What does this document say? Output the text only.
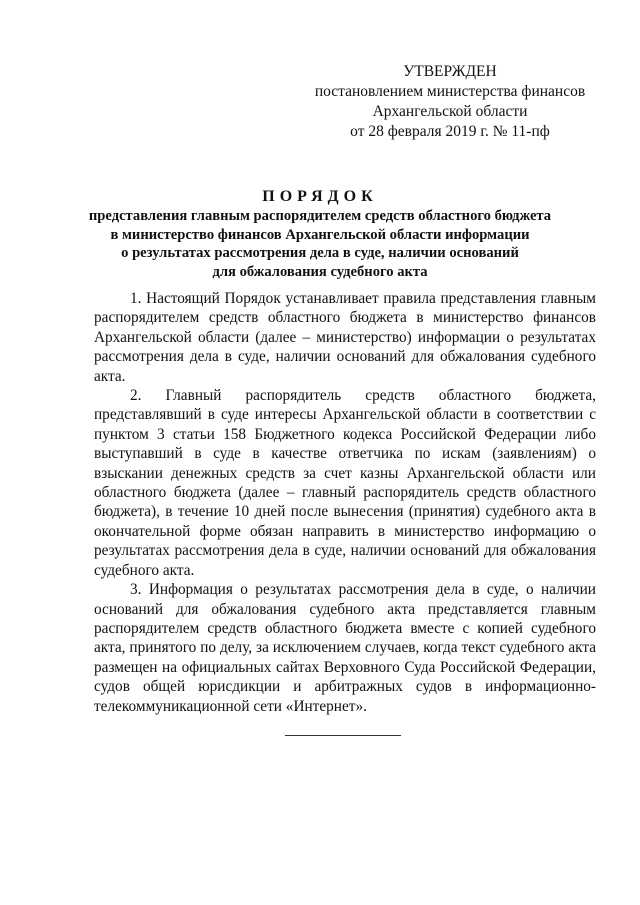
УТВЕРЖДЕН
постановлением министерства финансов
Архангельской области
от 28 февраля 2019 г. № 11-пф
ПОРЯДОК
представления главным распорядителем средств областного бюджета
в министерство финансов Архангельской области информации
о результатах рассмотрения дела в суде, наличии оснований
для обжалования судебного акта

1. Настоящий Порядок устанавливает правила представления главным распорядителем средств областного бюджета в министерство финансов Архангельской области (далее – министерство) информации о результатах рассмотрения дела в суде, наличии оснований для обжалования судебного акта.

2. Главный распорядитель средств областного бюджета, представлявший в суде интересы Архангельской области в соответствии с пунктом 3 статьи 158 Бюджетного кодекса Российской Федерации либо выступавший в суде в качестве ответчика по искам (заявлениям) о взыскании денежных средств за счет казны Архангельской области или областного бюджета (далее – главный распорядитель средств областного бюджета), в течение 10 дней после вынесения (принятия) судебного акта в окончательной форме обязан направить в министерство информацию о результатах рассмотрения дела в суде, наличии оснований для обжалования судебного акта.

3. Информация о результатах рассмотрения дела в суде, о наличии оснований для обжалования судебного акта представляется главным распорядителем средств областного бюджета вместе с копией судебного акта, принятого по делу, за исключением случаев, когда текст судебного акта размещен на официальных сайтах Верховного Суда Российской Федерации, судов общей юрисдикции и арбитражных судов в информационно-телекоммуникационной сети «Интернет».
